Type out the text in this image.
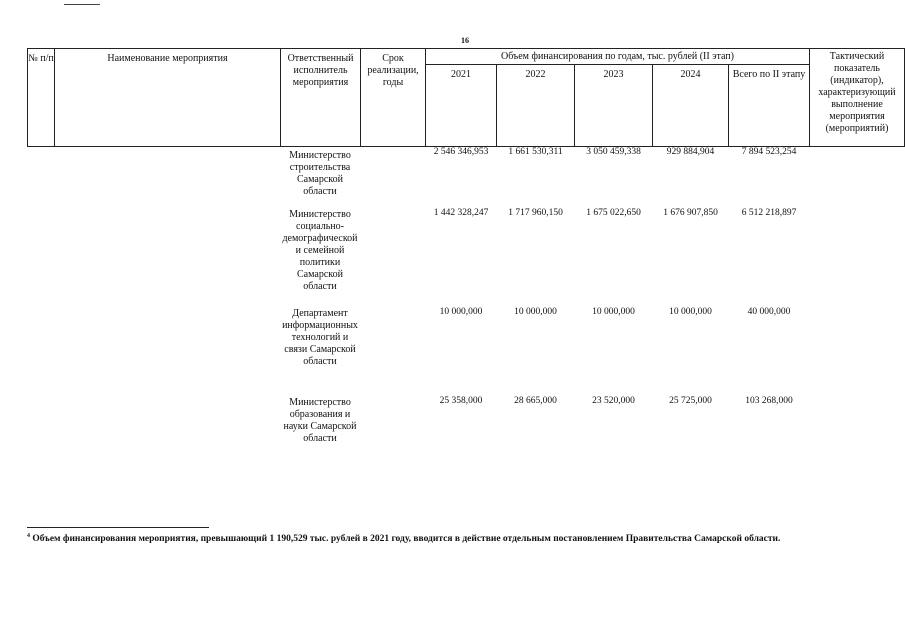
16
№ п/п	Наименование мероприятия	Ответственный исполнитель мероприятия
Срок реализации, годы
Объем финансирования по годам, тыс. рублей (II этап)
2021	2022	2023	2024	Всего по II этапу
Тактический показатель (индикатор), характеризующий выполнение мероприятия (мероприятий)
Министерство строительства Самарской области
2 546 346,953	1 661 530,311	3 050 459,338	929 884,904	7 894 523,254
Министерство социально-демографической и семейной политики Самарской области
1 442 328,247	1 717 960,150	1 675 022,650	1 676 907,850	6 512 218,897
Департамент информационных технологий и связи Самарской области
10 000,000	10 000,000	10 000,000	10 000,000	40 000,000
Министерство образования и науки Самарской области
25 358,000	28 665,000	23 520,000	25 725,000	103 268,000
$^4$ Объем финансирования мероприятия, превышающий 1 190,529 тыс. рублей в 2021 году, вводится в действие отдельным постановлением Правительства Самарской области.
